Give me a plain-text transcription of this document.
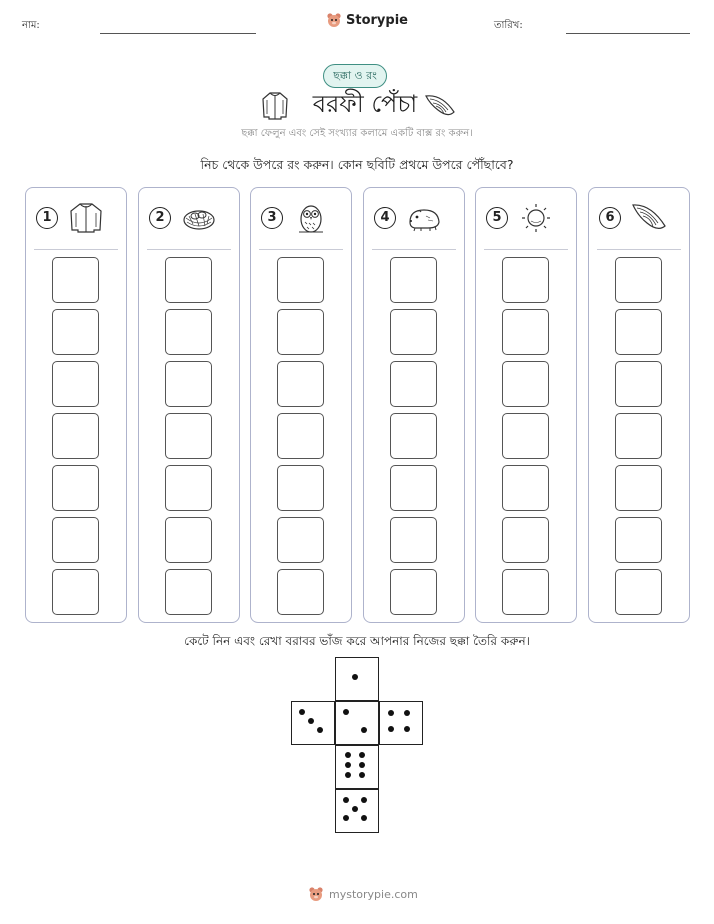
নাম:	Storypie	তারিখ:
ছক্কা ও রং
বরফী পেঁচা
ছক্কা ফেলুন এবং সেই সংখ্যার কলামে একটি বাক্স রং করুন।
নিচ থেকে উপরে রং করুন। কোন ছবিটি প্রথমে উপরে পৌঁছাবে?
1	2	3	4	5	6
কেটে নিন এবং রেখা বরাবর ভাঁজ করে আপনার নিজের ছক্কা তৈরি করুন।
mystorypie.com
